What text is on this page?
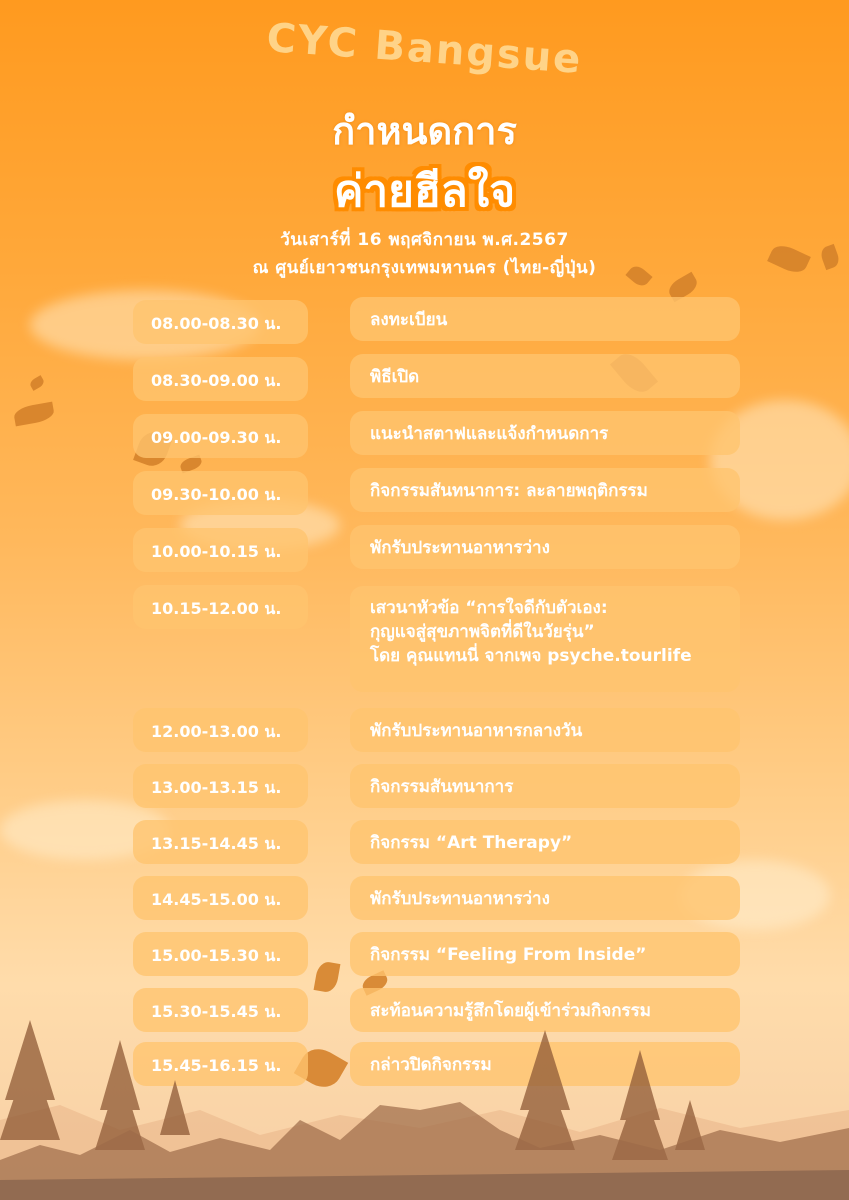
CYC Bangsue
กำหนดการ
ค่ายฮีลใจ
วันเสาร์ที่ 16 พฤศจิกายน พ.ศ.2567
ณ ศูนย์เยาวชนกรุงเทพมหานคร (ไทย-ญี่ปุ่น)
08.00-08.30 น.	ลงทะเบียน
08.30-09.00 น.	พิธีเปิด
09.00-09.30 น.	แนะนำสตาฟและแจ้งกำหนดการ
09.30-10.00 น.	กิจกรรมสันทนาการ: ละลายพฤติกรรม
10.00-10.15 น.	พักรับประทานอาหารว่าง
10.15-12.00 น.	เสวนาหัวข้อ “การใจดีกับตัวเอง:
กุญแจสู่สุขภาพจิตที่ดีในวัยรุ่น”
โดย คุณแทนนี่ จากเพจ psyche.tourlife
12.00-13.00 น.	พักรับประทานอาหารกลางวัน
13.00-13.15 น.	กิจกรรมสันทนาการ
13.15-14.45 น.	กิจกรรม “Art Therapy”
14.45-15.00 น.	พักรับประทานอาหารว่าง
15.00-15.30 น.	กิจกรรม “Feeling From Inside”
15.30-15.45 น.	สะท้อนความรู้สึกโดยผู้เข้าร่วมกิจกรรม
15.45-16.15 น.	กล่าวปิดกิจกรรม
